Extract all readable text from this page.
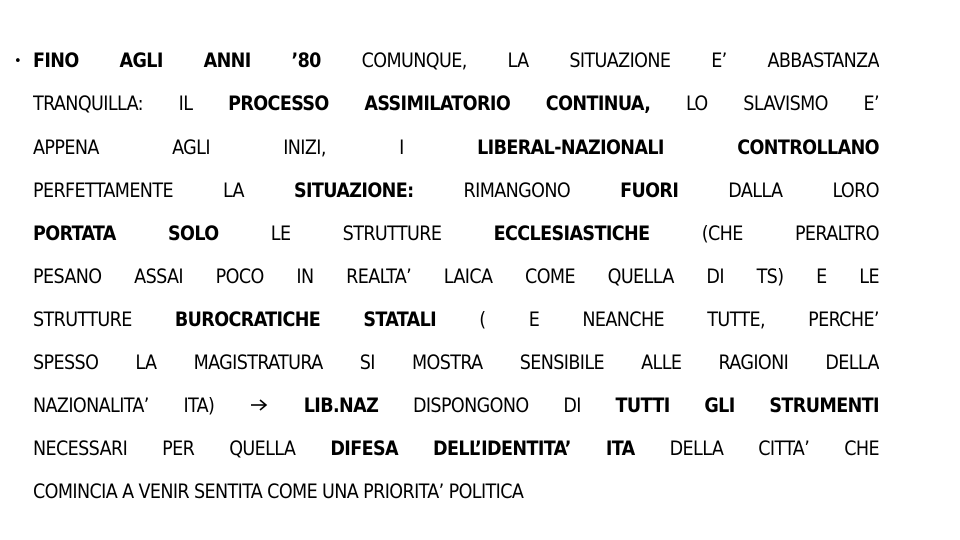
• FINO AGLI ANNI ’80 COMUNQUE, LA SITUAZIONE E’ ABBASTANZA
TRANQUILLA: IL PROCESSO ASSIMILATORIO CONTINUA, LO SLAVISMO E’
APPENA	AGLI	INIZI,	I	LIBERAL-NAZIONALI	CONTROLLANO
PERFETTAMENTE	LA	SITUAZIONE:	RIMANGONO	FUORI	DALLA	LORO
PORTATA	SOLO	LE	STRUTTURE	ECCLESIASTICHE	(CHE	PERALTRO
PESANO ASSAI POCO IN REALTA’ LAICA COME QUELLA DI TS) E LE
STRUTTURE BUROCRATICHE STATALI ( E NEANCHE TUTTE, PERCHE’
SPESSO LA MAGISTRATURA SI MOSTRA SENSIBILE ALLE RAGIONI DELLA
NAZIONALITA’ ITA)	LIB.NAZ DISPONGONO DI TUTTI GLI STRUMENTI
NECESSARI PER QUELLA DIFESA DELL’IDENTITA’ ITA DELLA CITTA’ CHE
COMINCIA A VENIR SENTITA COME UNA PRIORITA’ POLITICA
